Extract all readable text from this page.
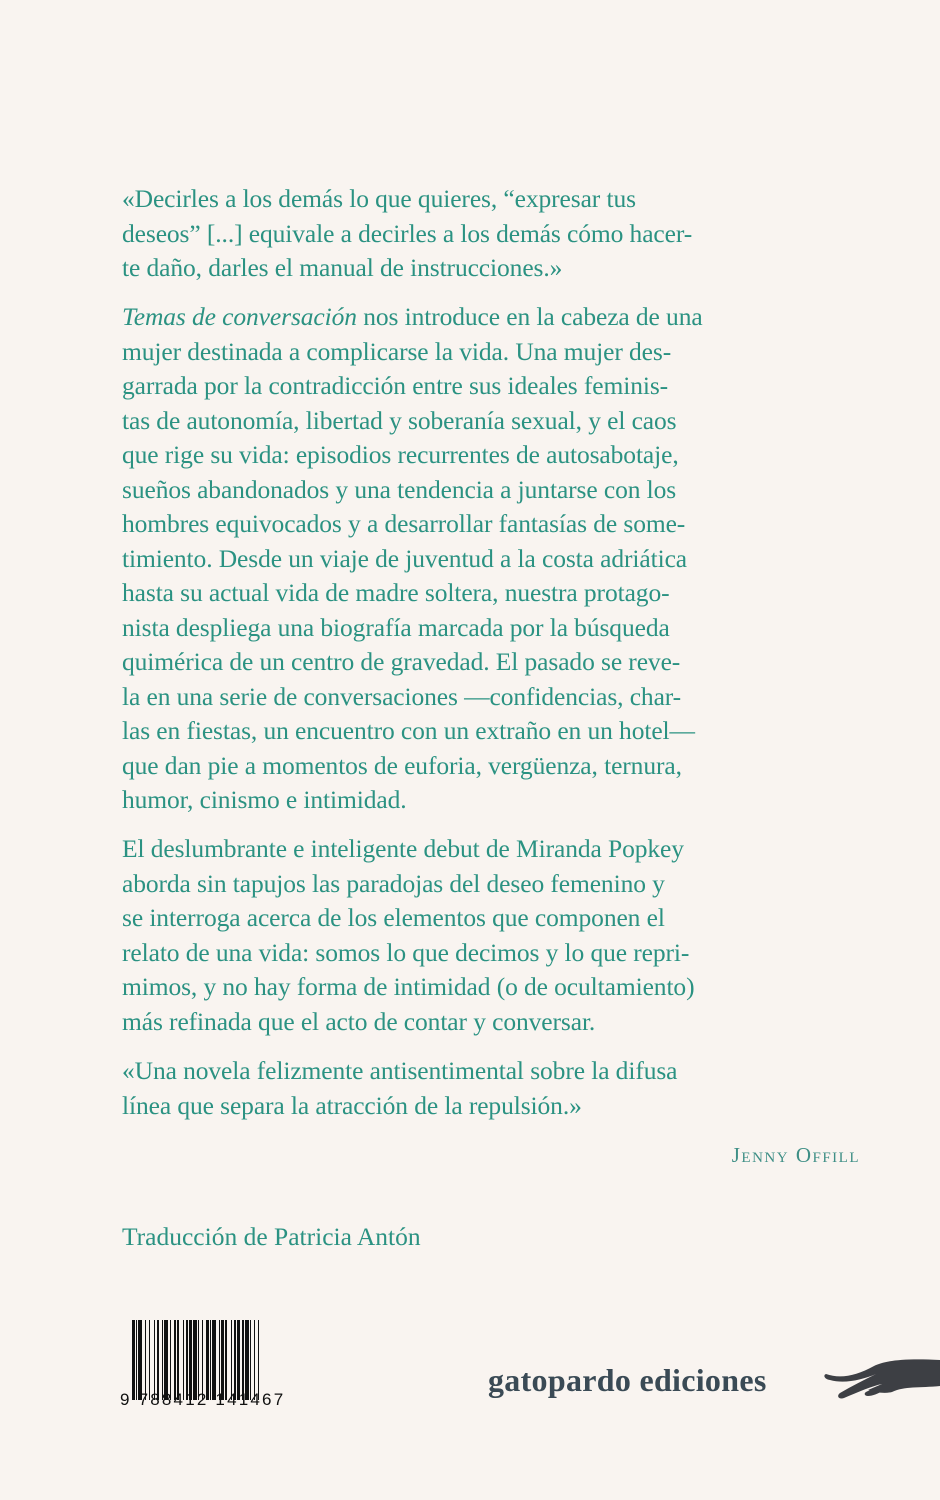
«Decirles a los demás lo que quieres, “expresar tus
deseos” [...] equivale a decirles a los demás cómo hacer-
te daño, darles el manual de instrucciones.»
Temas de conversación nos introduce en la cabeza de una
mujer destinada a complicarse la vida. Una mujer des-
garrada por la contradicción entre sus ideales feminis-
tas de autonomía, libertad y soberanía sexual, y el caos
que rige su vida: episodios recurrentes de autosabotaje,
sueños abandonados y una tendencia a juntarse con los
hombres equivocados y a desarrollar fantasías de some-
timiento. Desde un viaje de juventud a la costa adriática
hasta su actual vida de madre soltera, nuestra protago-
nista despliega una biografía marcada por la búsqueda
quimérica de un centro de gravedad. El pasado se reve-
la en una serie de conversaciones —confidencias, char-
las en fiestas, un encuentro con un extraño en un hotel—
que dan pie a momentos de euforia, vergüenza, ternura,
humor, cinismo e intimidad.
El deslumbrante e inteligente debut de Miranda Popkey
aborda sin tapujos las paradojas del deseo femenino y
se interroga acerca de los elementos que componen el
relato de una vida: somos lo que decimos y lo que repri-
mimos, y no hay forma de intimidad (o de ocultamiento)
más refinada que el acto de contar y conversar.
«Una novela felizmente antisentimental sobre la difusa
línea que separa la atracción de la repulsión.»
Jenny Offill
Traducción de Patricia Antón
9 788412 141467
gatopardo ediciones
